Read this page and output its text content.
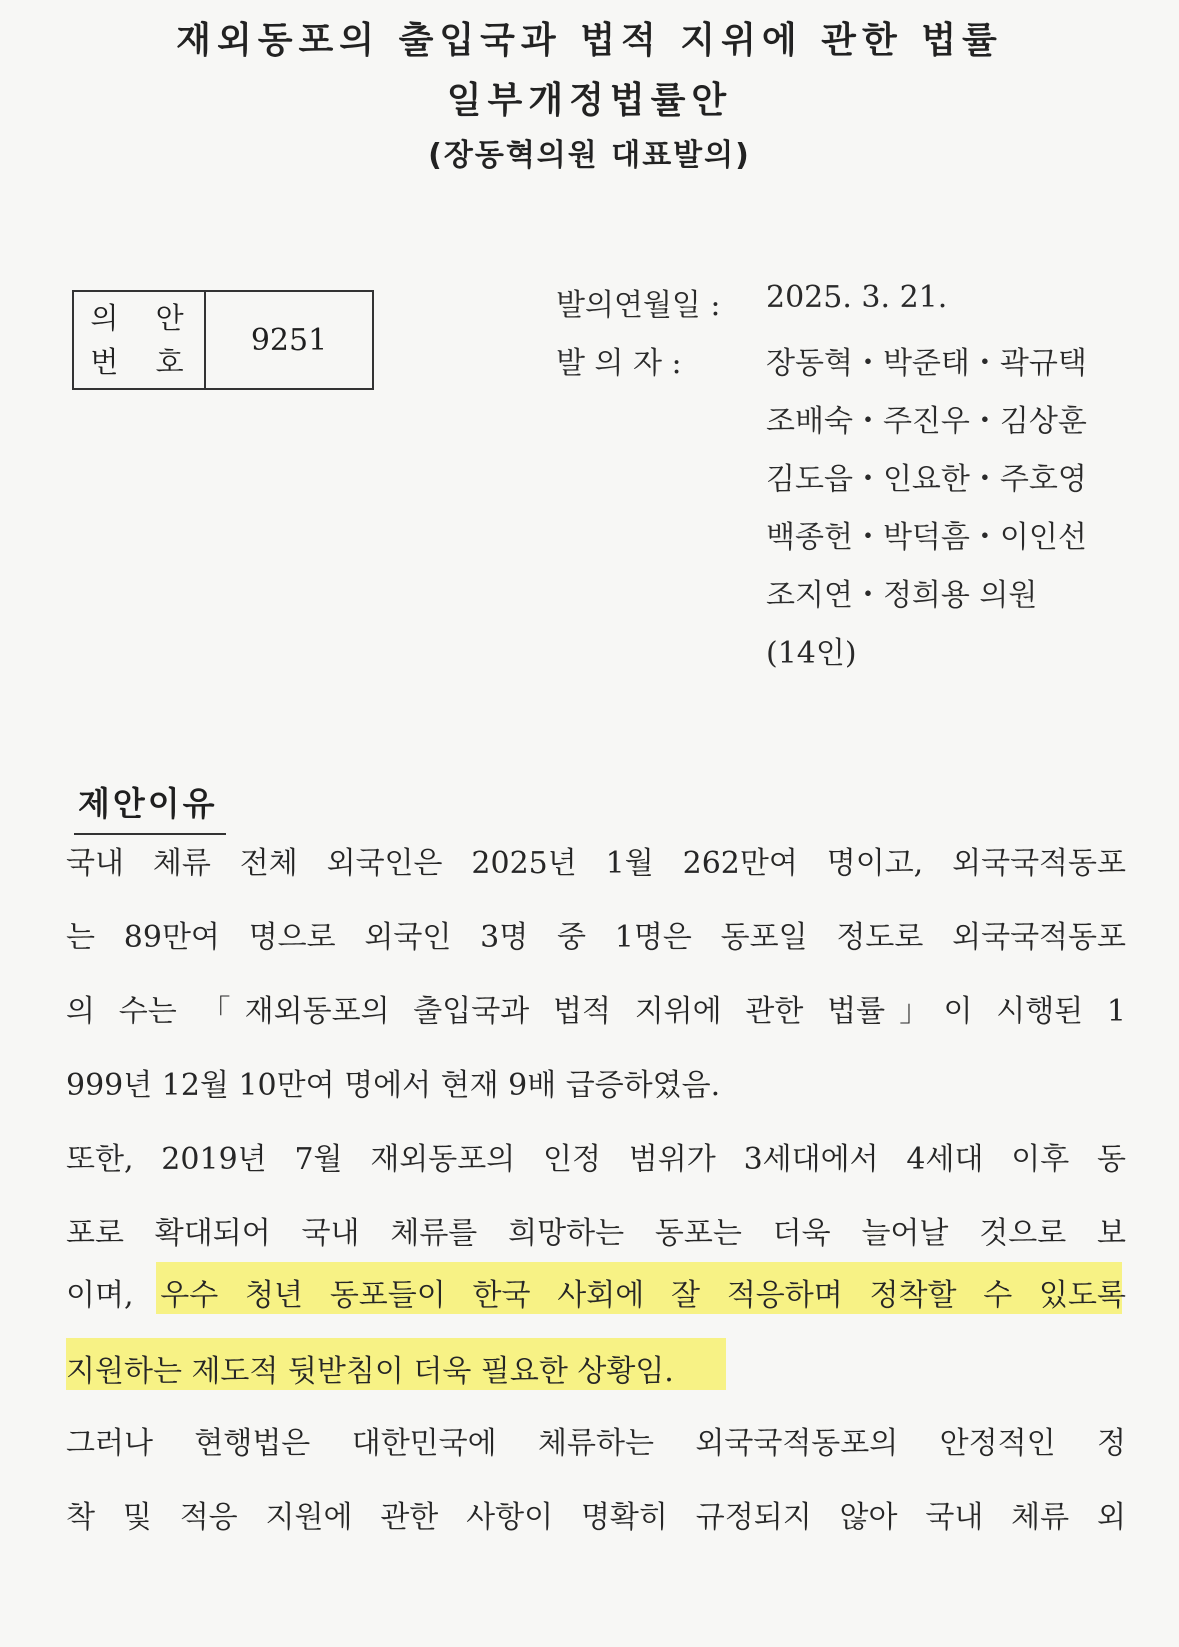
재외동포의 출입국과 법적 지위에 관한 법률
일부개정법률안
(장동혁의원 대표발의)
의 안
번 호
9251
발의연월일 : 2025. 3. 21.
발 의 자 :	장동혁・박준태・곽규택
조배숙・주진우・김상훈
김도읍・인요한・주호영
백종헌・박덕흠・이인선
조지연・정희용 의원
(14인)
제안이유
국내 체류 전체 외국인은 2025년 1월 262만여 명이고, 외국국적동포
는 89만여 명으로 외국인 3명 중 1명은 동포일 정도로 외국국적동포
의 수는 「재외동포의 출입국과 법적 지위에 관한 법률」이 시행된 1
999년 12월 10만여 명에서 현재 9배 급증하였음.
또한, 2019년 7월 재외동포의 인정 범위가 3세대에서 4세대 이후 동
포로 확대되어 국내 체류를 희망하는 동포는 더욱 늘어날 것으로 보
이며, 우수 청년 동포들이 한국 사회에 잘 적응하며 정착할 수 있도록
지원하는 제도적 뒷받침이 더욱 필요한 상황임.
그러나 현행법은 대한민국에 체류하는 외국국적동포의 안정적인 정
착 및 적응 지원에 관한 사항이 명확히 규정되지 않아 국내 체류 외
